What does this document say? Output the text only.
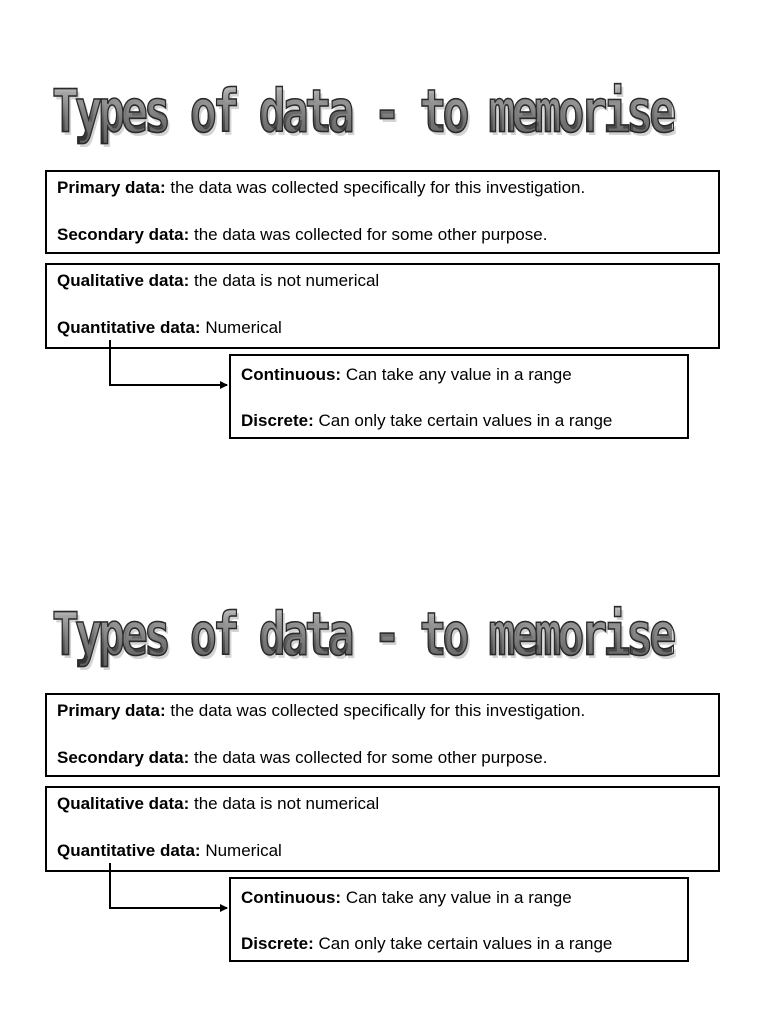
Types of data - to memorise

Primary data: the data was collected specifically for this investigation.

Secondary data: the data was collected for some other purpose.

Qualitative data: the data is not numerical

Quantitative data: Numerical

Continuous: Can take any value in a range

Discrete: Can only take certain values in a range

Types of data - to memorise

Primary data: the data was collected specifically for this investigation.

Secondary data: the data was collected for some other purpose.

Qualitative data: the data is not numerical

Quantitative data: Numerical

Continuous: Can take any value in a range

Discrete: Can only take certain values in a range
